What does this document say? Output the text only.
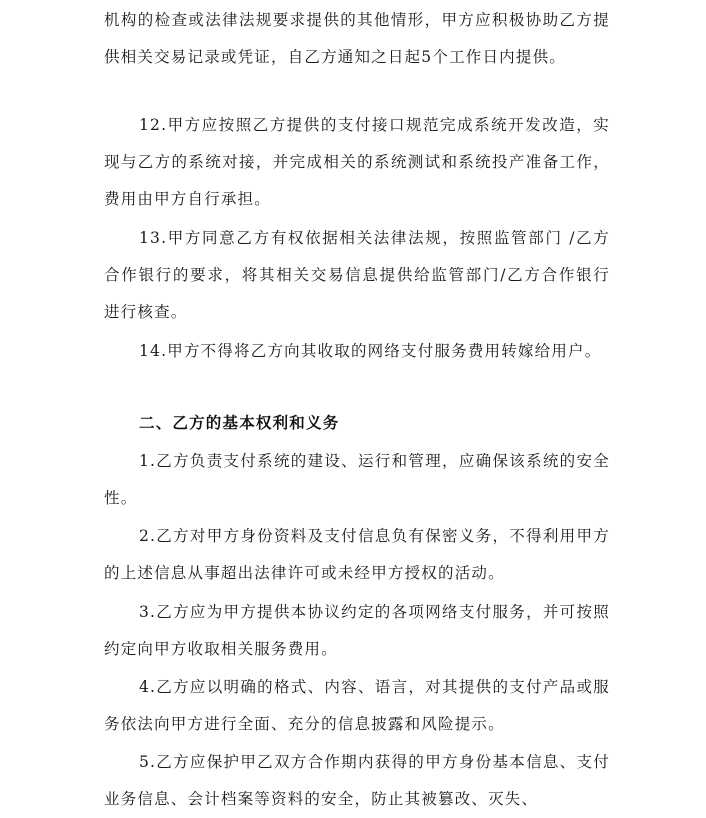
机构的检查或法律法规要求提供的其他情形，甲方应积极协助乙方提供相关交易记录或凭证，自乙方通知之日起5个工作日内提供。

12.甲方应按照乙方提供的支付接口规范完成系统开发改造，实现与乙方的系统对接，并完成相关的系统测试和系统投产准备工作，费用由甲方自行承担。

13.甲方同意乙方有权依据相关法律法规，按照监管部门 /乙方合作银行的要求，将其相关交易信息提供给监管部门/乙方合作银行进行核查。

14.甲方不得将乙方向其收取的网络支付服务费用转嫁给用户。

二、乙方的基本权利和义务

1.乙方负责支付系统的建设、运行和管理，应确保该系统的安全性。

2.乙方对甲方身份资料及支付信息负有保密义务，不得利用甲方的上述信息从事超出法律许可或未经甲方授权的活动。

3.乙方应为甲方提供本协议约定的各项网络支付服务，并可按照约定向甲方收取相关服务费用。

4.乙方应以明确的格式、内容、语言，对其提供的支付产品或服务依法向甲方进行全面、充分的信息披露和风险提示。

5.乙方应保护甲乙双方合作期内获得的甲方身份基本信息、支付业务信息、会计档案等资料的安全，防止其被篡改、灭失、
